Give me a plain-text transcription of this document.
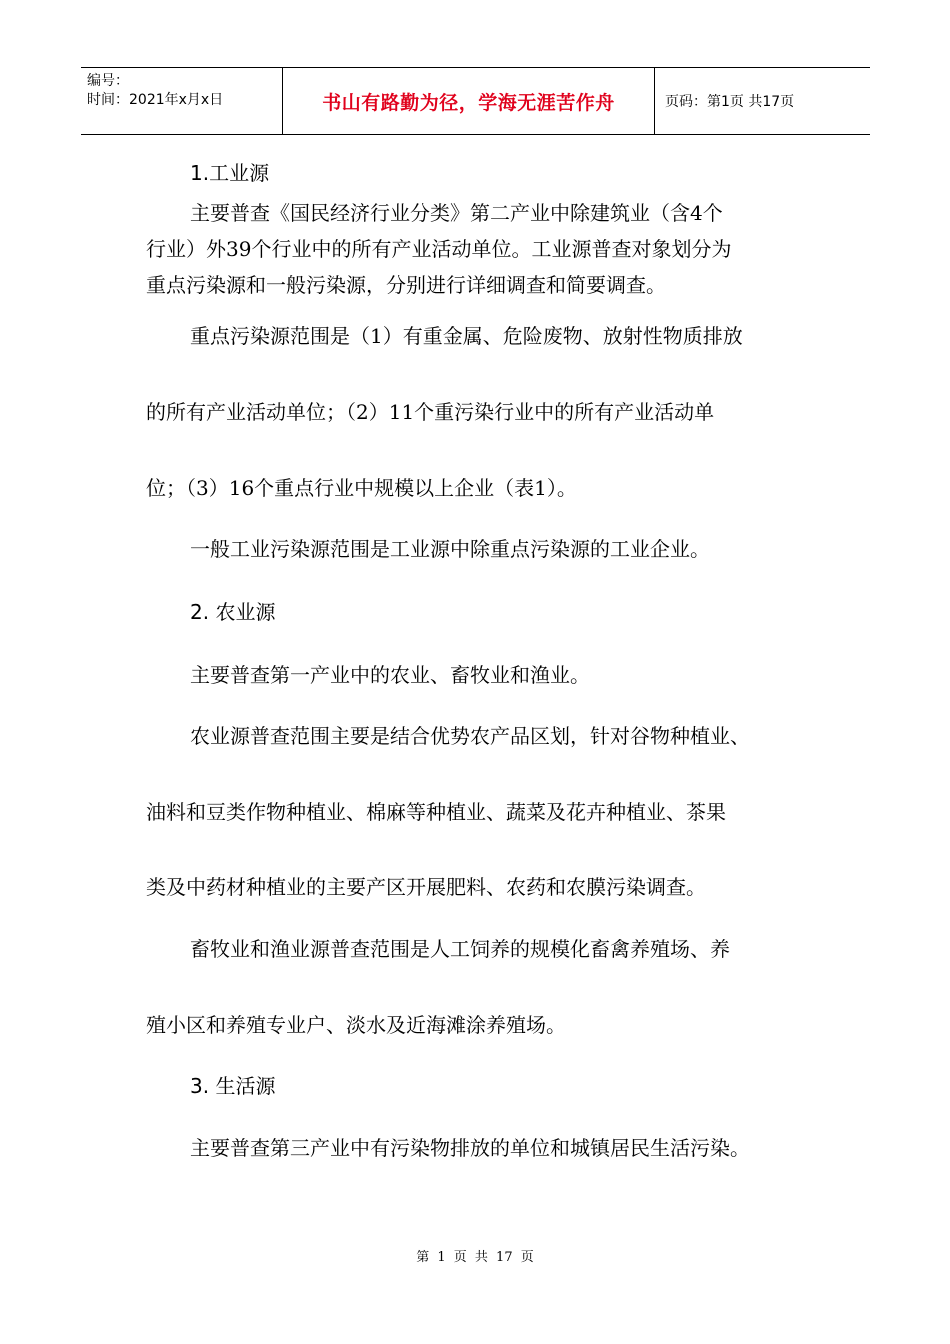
编号：
时间：2021年x月x日	书山有路勤为径，学海无涯苦作舟	页码：第1页 共17页
1.工业源
主要普查《国民经济行业分类》第二产业中除建筑业（含4个
行业）外39个行业中的所有产业活动单位。工业源普查对象划分为
重点污染源和一般污染源，分别进行详细调查和简要调查。
重点污染源范围是（1）有重金属、危险废物、放射性物质排放
的所有产业活动单位；（2）11个重污染行业中的所有产业活动单
位；（3）16个重点行业中规模以上企业（表1）。
一般工业污染源范围是工业源中除重点污染源的工业企业。
2. 农业源
主要普查第一产业中的农业、畜牧业和渔业。
农业源普查范围主要是结合优势农产品区划，针对谷物种植业、
油料和豆类作物种植业、棉麻等种植业、蔬菜及花卉种植业、茶果
类及中药材种植业的主要产区开展肥料、农药和农膜污染调查。
畜牧业和渔业源普查范围是人工饲养的规模化畜禽养殖场、养
殖小区和养殖专业户、淡水及近海滩涂养殖场。
3. 生活源
主要普查第三产业中有污染物排放的单位和城镇居民生活污染。
第 1 页 共 17 页
